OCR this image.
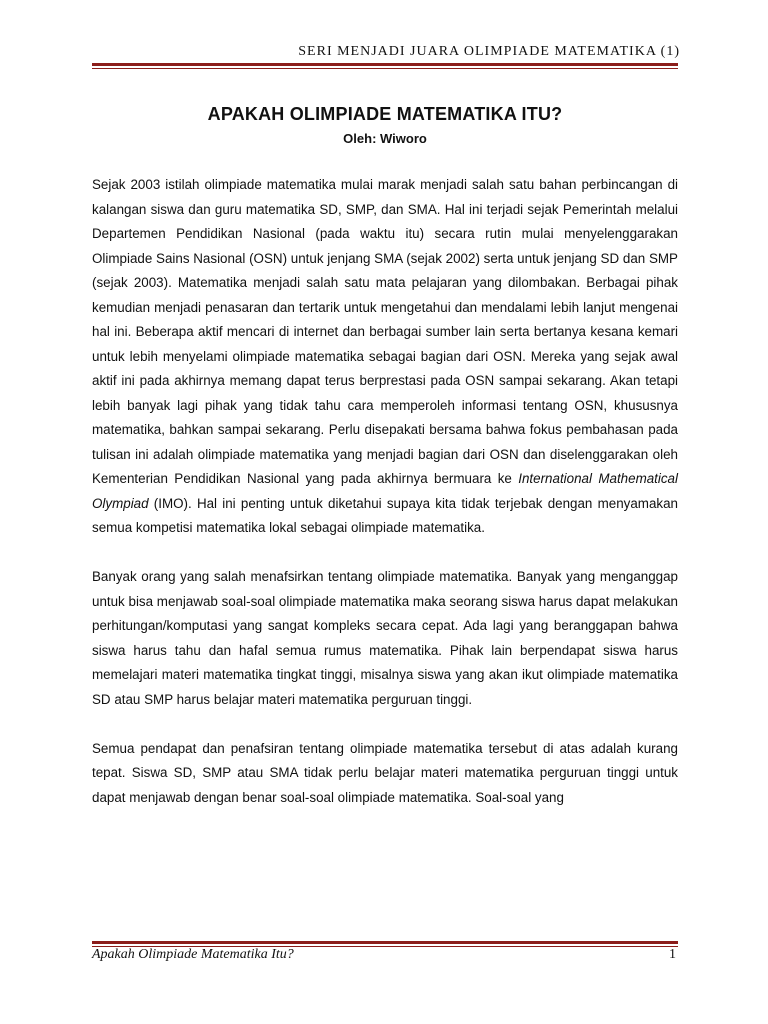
SERI MENJADI JUARA OLIMPIADE MATEMATIKA (1)
APAKAH OLIMPIADE MATEMATIKA ITU?
Oleh: Wiworo

Sejak 2003 istilah olimpiade matematika mulai marak menjadi salah satu bahan perbincangan di kalangan siswa dan guru matematika SD, SMP, dan SMA. Hal ini terjadi sejak Pemerintah melalui Departemen Pendidikan Nasional (pada waktu itu) secara rutin mulai menyelenggarakan Olimpiade Sains Nasional (OSN) untuk jenjang SMA (sejak 2002) serta untuk jenjang SD dan SMP (sejak 2003). Matematika menjadi salah satu mata pelajaran yang dilombakan. Berbagai pihak kemudian menjadi penasaran dan tertarik untuk mengetahui dan mendalami lebih lanjut mengenai hal ini. Beberapa aktif mencari di internet dan berbagai sumber lain serta bertanya kesana kemari untuk lebih menyelami olimpiade matematika sebagai bagian dari OSN. Mereka yang sejak awal aktif ini pada akhirnya memang dapat terus berprestasi pada OSN sampai sekarang. Akan tetapi lebih banyak lagi pihak yang tidak tahu cara memperoleh informasi tentang OSN, khususnya matematika, bahkan sampai sekarang. Perlu disepakati bersama bahwa fokus pembahasan pada tulisan ini adalah olimpiade matematika yang menjadi bagian dari OSN dan diselenggarakan oleh Kementerian Pendidikan Nasional yang pada akhirnya bermuara ke International Mathematical Olympiad (IMO). Hal ini penting untuk diketahui supaya kita tidak terjebak dengan menyamakan semua kompetisi matematika lokal sebagai olimpiade matematika.

Banyak orang yang salah menafsirkan tentang olimpiade matematika. Banyak yang menganggap untuk bisa menjawab soal-soal olimpiade matematika maka seorang siswa harus dapat melakukan perhitungan/komputasi yang sangat kompleks secara cepat. Ada lagi yang beranggapan bahwa siswa harus tahu dan hafal semua rumus matematika. Pihak lain berpendapat siswa harus memelajari materi matematika tingkat tinggi, misalnya siswa yang akan ikut olimpiade matematika SD atau SMP harus belajar materi matematika perguruan tinggi.

Semua pendapat dan penafsiran tentang olimpiade matematika tersebut di atas adalah kurang tepat. Siswa SD, SMP atau SMA tidak perlu belajar materi matematika perguruan tinggi untuk dapat menjawab dengan benar soal-soal olimpiade matematika. Soal-soal yang

Apakah Olimpiade Matematika Itu?	1
